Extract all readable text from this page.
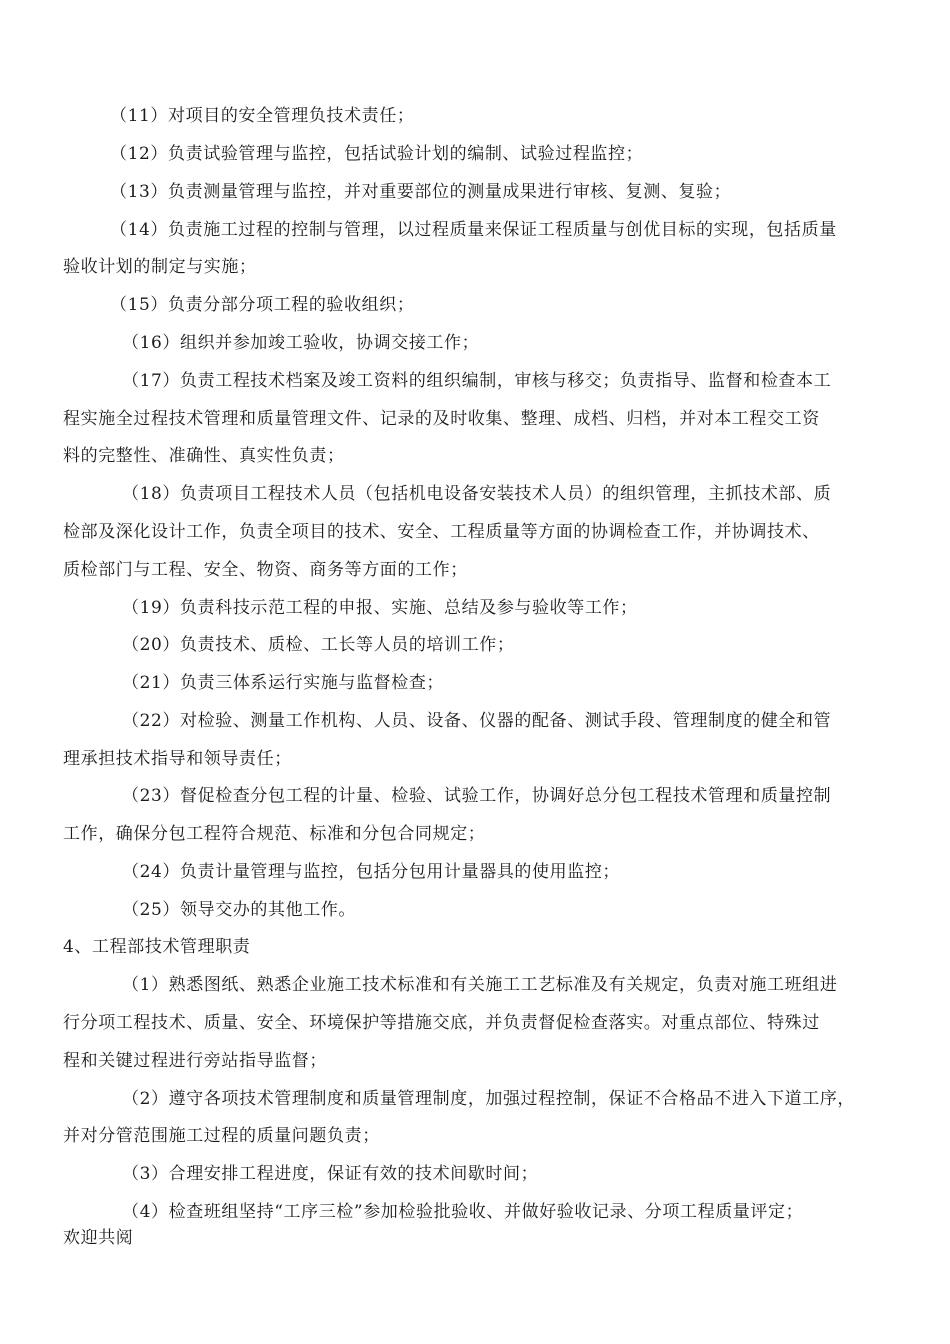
（11）对项目的安全管理负技术责任；
（12）负责试验管理与监控，包括试验计划的编制、试验过程监控；
（13）负责测量管理与监控，并对重要部位的测量成果进行审核、复测、复验；
（14）负责施工过程的控制与管理，以过程质量来保证工程质量与创优目标的实现，包括质量
验收计划的制定与实施；
（15）负责分部分项工程的验收组织；
（16）组织并参加竣工验收，协调交接工作；
（17）负责工程技术档案及竣工资料的组织编制，审核与移交；负责指导、监督和检查本工
程实施全过程技术管理和质量管理文件、记录的及时收集、整理、成档、归档，并对本工程交工资
料的完整性、准确性、真实性负责；
（18）负责项目工程技术人员（包括机电设备安装技术人员）的组织管理，主抓技术部、质
检部及深化设计工作，负责全项目的技术、安全、工程质量等方面的协调检查工作，并协调技术、
质检部门与工程、安全、物资、商务等方面的工作；
（19）负责科技示范工程的申报、实施、总结及参与验收等工作；
（20）负责技术、质检、工长等人员的培训工作；
（21）负责三体系运行实施与监督检查；
（22）对检验、测量工作机构、人员、设备、仪器的配备、测试手段、管理制度的健全和管
理承担技术指导和领导责任；
（23）督促检查分包工程的计量、检验、试验工作，协调好总分包工程技术管理和质量控制
工作，确保分包工程符合规范、标准和分包合同规定；
（24）负责计量管理与监控，包括分包用计量器具的使用监控；
（25）领导交办的其他工作。
4、工程部技术管理职责
（1）熟悉图纸、熟悉企业施工技术标准和有关施工工艺标准及有关规定，负责对施工班组进
行分项工程技术、质量、安全、环境保护等措施交底，并负责督促检查落实。对重点部位、特殊过
程和关键过程进行旁站指导监督；
（2）遵守各项技术管理制度和质量管理制度，加强过程控制，保证不合格品不进入下道工序，
并对分管范围施工过程的质量问题负责；
（3）合理安排工程进度，保证有效的技术间歇时间；
（4）检查班组坚持“工序三检”参加检验批验收、并做好验收记录、分项工程质量评定；
欢迎共阅
